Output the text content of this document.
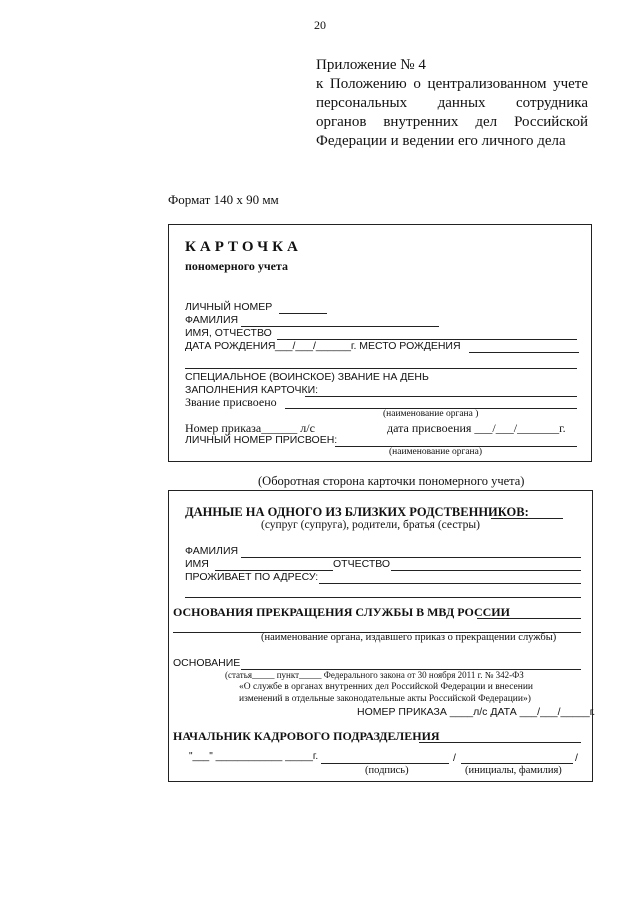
20
Приложение № 4
к Положению о централизованном учете
персональных данных сотрудника
органов внутренних дел Российской
Федерации и ведении его личного дела
Формат 140 х 90 мм
КАРТОЧКА
пономерного учета
ЛИЧНЫЙ НОМЕР
ФАМИЛИЯ
ИМЯ, ОТЧЕСТВО
ДАТА РОЖДЕНИЯ ___/___/______г. МЕСТО РОЖДЕНИЯ
СПЕЦИАЛЬНОЕ (ВОИНСКОЕ) ЗВАНИЕ НА ДЕНЬ
ЗАПОЛНЕНИЯ КАРТОЧКИ:
Звание присвоено
(наименование органа )
Номер приказа______ л/с	дата присвоения ___/___/_______г.
ЛИЧНЫЙ НОМЕР ПРИСВОЕН:
(наименование органа)
(Оборотная сторона карточки пономерного учета)
ДАННЫЕ НА ОДНОГО ИЗ БЛИЗКИХ РОДСТВЕННИКОВ:
(супруг (супруга), родители, братья (сестры)
ФАМИЛИЯ
ИМЯ	ОТЧЕСТВО
ПРОЖИВАЕТ ПО АДРЕСУ:
ОСНОВАНИЯ ПРЕКРАЩЕНИЯ СЛУЖБЫ В МВД РОССИИ
(наименование органа, издавшего приказ о прекращении службы)
ОСНОВАНИЕ
(статья_____ пункт_____ Федерального закона от 30 ноября 2011 г. № 342-ФЗ
«О службе в органах внутренних дел Российской Федерации и внесении
изменений в отдельные законодательные акты Российской Федерации»)
НОМЕР ПРИКАЗА ____л/с ДАТА ___/___/_____г.
НАЧАЛЬНИК КАДРОВОГО ПОДРАЗДЕЛЕНИЯ
"___" ____________ _____г.	/	/
(подпись)	(инициалы, фамилия)
